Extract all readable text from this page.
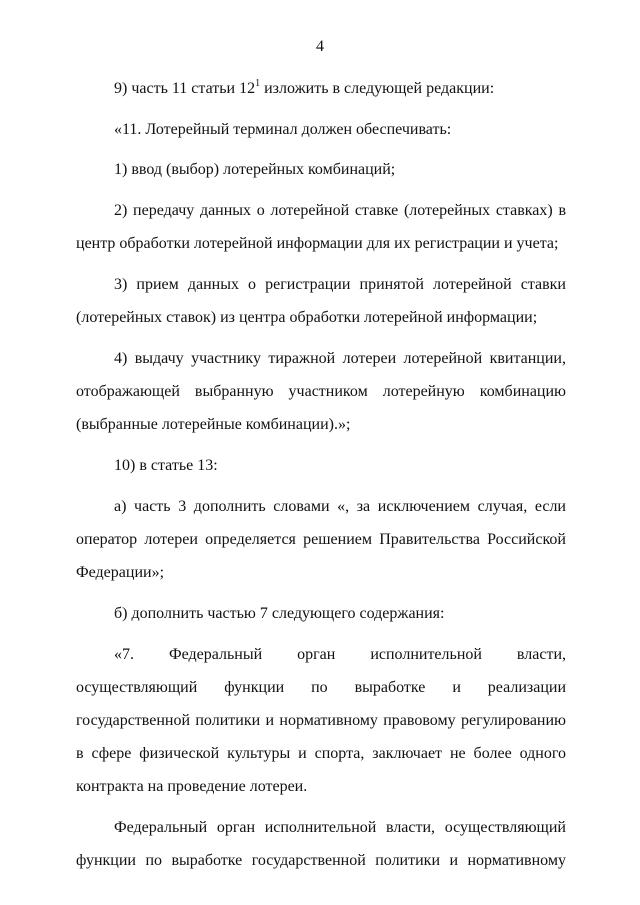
4

9) часть 11 статьи $12^1$ изложить в следующей редакции:

«11. Лотерейный терминал должен обеспечивать:

1) ввод (выбор) лотерейных комбинаций;

2) передачу данных о лотерейной ставке (лотерейных ставках) в центр обработки лотерейной информации для их регистрации и учета;

3) прием данных о регистрации принятой лотерейной ставки (лотерейных ставок) из центра обработки лотерейной информации;

4) выдачу участнику тиражной лотереи лотерейной квитанции, отображающей выбранную участником лотерейную комбинацию (выбранные лотерейные комбинации).»;

10) в статье 13:

а) часть 3 дополнить словами «, за исключением случая, если оператор лотереи определяется решением Правительства Российской Федерации»;

б) дополнить частью 7 следующего содержания:

«7. Федеральный орган исполнительной власти, осуществляющий функции по выработке и реализации государственной политики и нормативному правовому регулированию в сфере физической культуры и спорта, заключает не более одного контракта на проведение лотереи.

Федеральный орган исполнительной власти, осуществляющий функции по выработке государственной политики и нормативному
